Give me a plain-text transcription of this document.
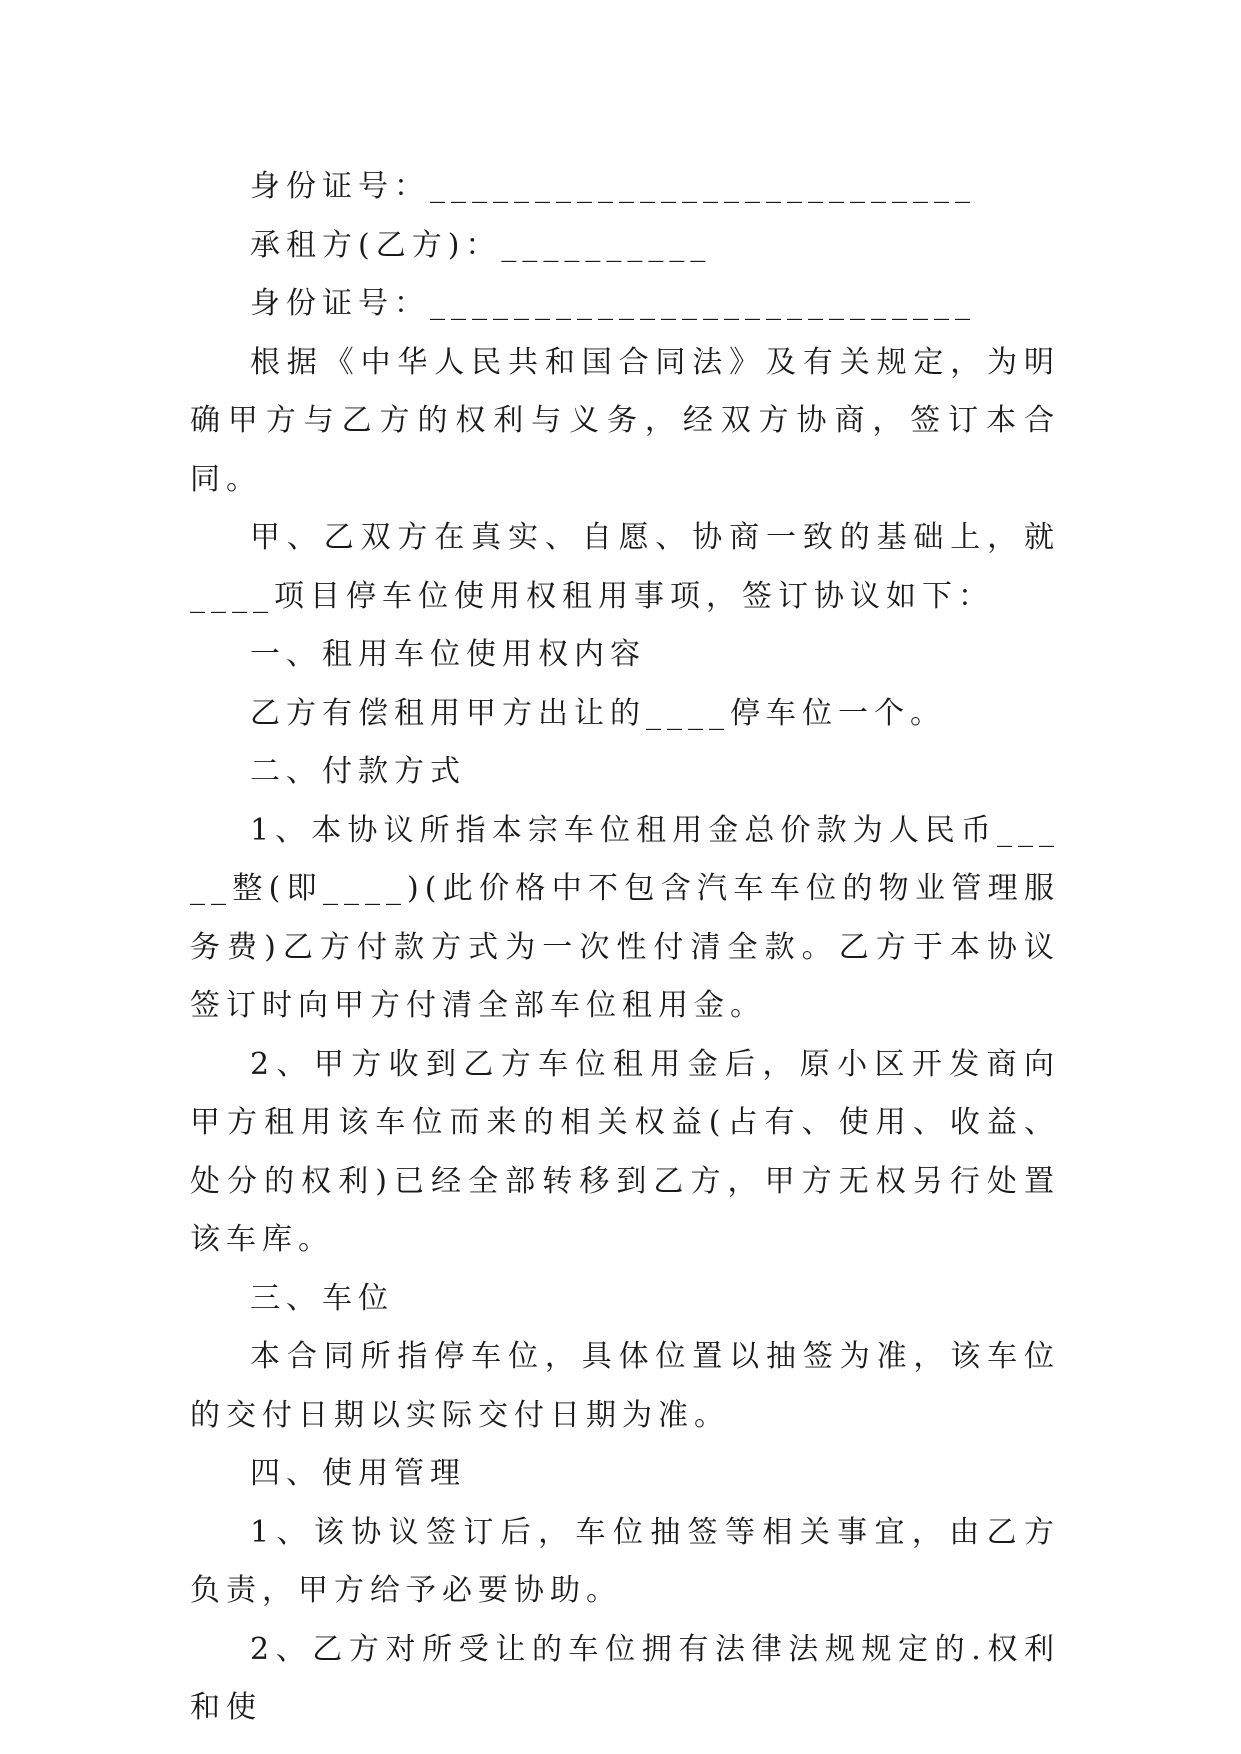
身份证号：__________________________

承租方(乙方)：__________

身份证号：__________________________

根据《中华人民共和国合同法》及有关规定，为明确甲方与乙方的权利与义务，经双方协商，签订本合同。

甲、乙双方在真实、自愿、协商一致的基础上，就____项目停车位使用权租用事项，签订协议如下：

一、租用车位使用权内容

乙方有偿租用甲方出让的____停车位一个。

二、付款方式

1、本协议所指本宗车位租用金总价款为人民币_____整(即____)(此价格中不包含汽车车位的物业管理服务费)乙方付款方式为一次性付清全款。乙方于本协议签订时向甲方付清全部车位租用金。

2、甲方收到乙方车位租用金后，原小区开发商向甲方租用该车位而来的相关权益(占有、使用、收益、处分的权利)已经全部转移到乙方，甲方无权另行处置该车库。

三、车位

本合同所指停车位，具体位置以抽签为准，该车位的交付日期以实际交付日期为准。

四、使用管理

1、该协议签订后，车位抽签等相关事宜，由乙方负责，甲方给予必要协助。

2、乙方对所受让的车位拥有法律法规规定的.权利和使
